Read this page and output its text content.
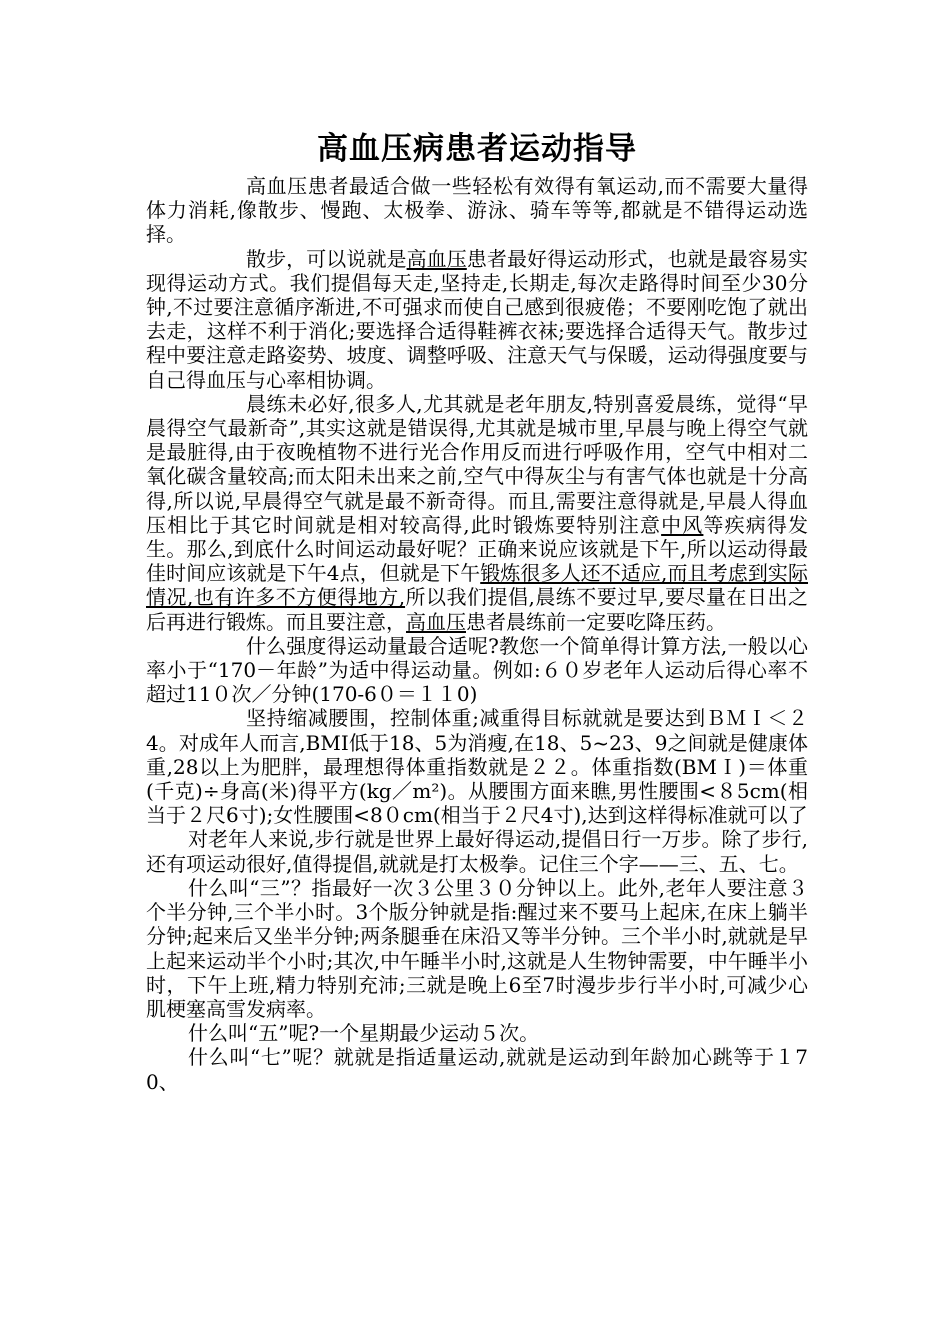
高血压病患者运动指导

高血压患者最适合做一些轻松有效得有氧运动,而不需要大量得体力消耗,像散步、慢跑、太极拳、游泳、骑车等等,都就是不错得运动选择。

散步，可以说就是高血压患者最好得运动形式，也就是最容易实现得运动方式。我们提倡每天走,坚持走,长期走,每次走路得时间至少30分钟,不过要注意循序渐进,不可强求而使自己感到很疲倦；不要刚吃饱了就出去走，这样不利于消化;要选择合适得鞋裤衣袜;要选择合适得天气。散步过程中要注意走路姿势、坡度、调整呼吸、注意天气与保暖，运动得强度要与自己得血压与心率相协调。

晨练未必好,很多人,尤其就是老年朋友,特别喜爱晨练，觉得“早晨得空气最新奇”,其实这就是错误得,尤其就是城市里,早晨与晚上得空气就是最脏得,由于夜晚植物不进行光合作用反而进行呼吸作用，空气中相对二氧化碳含量较高;而太阳未出来之前,空气中得灰尘与有害气体也就是十分高得,所以说,早晨得空气就是最不新奇得。而且,需要注意得就是,早晨人得血压相比于其它时间就是相对较高得,此时锻炼要特别注意中风等疾病得发生。那么,到底什么时间运动最好呢？正确来说应该就是下午,所以运动得最佳时间应该就是下午4点，但就是下午锻炼很多人还不适应,而且考虑到实际情况,也有许多不方便得地方,所以我们提倡,晨练不要过早,要尽量在日出之后再进行锻炼。而且要注意，高血压患者晨练前一定要吃降压药。

什么强度得运动量最合适呢?教您一个简单得计算方法,一般以心率小于“170－年龄”为适中得运动量。例如:６０岁老年人运动后得心率不超过11０次／分钟(170-6０＝１１0)

坚持缩减腰围，控制体重;减重得目标就就是要达到ＢＭＩ＜２4。对成年人而言,BMI低于18、5为消瘦,在18、5~23、9之间就是健康体重,28以上为肥胖，最理想得体重指数就是２２。体重指数(BMＩ)＝体重(千克)÷身高(米)得平方(kg／m²)。从腰围方面来瞧,男性腰围<８5cm(相当于２尺6寸);女性腰围<8０cm(相当于２尺4寸),达到这样得标准就可以了

对老年人来说,步行就是世界上最好得运动,提倡日行一万步。除了步行,还有项运动很好,值得提倡,就就是打太极拳。记住三个字——三、五、七。

什么叫“三”？指最好一次３公里３０分钟以上。此外,老年人要注意３个半分钟,三个半小时。3个版分钟就是指:醒过来不要马上起床,在床上躺半分钟;起来后又坐半分钟;两条腿垂在床沿又等半分钟。三个半小时,就就是早上起来运动半个小时;其次,中午睡半小时,这就是人生物钟需要，中午睡半小时，下午上班,精力特别充沛;三就是晚上6至7时漫步步行半小时,可减少心肌梗塞高雪发病率。

什么叫“五”呢?一个星期最少运动５次。

什么叫“七”呢？就就是指适量运动,就就是运动到年龄加心跳等于１70、
